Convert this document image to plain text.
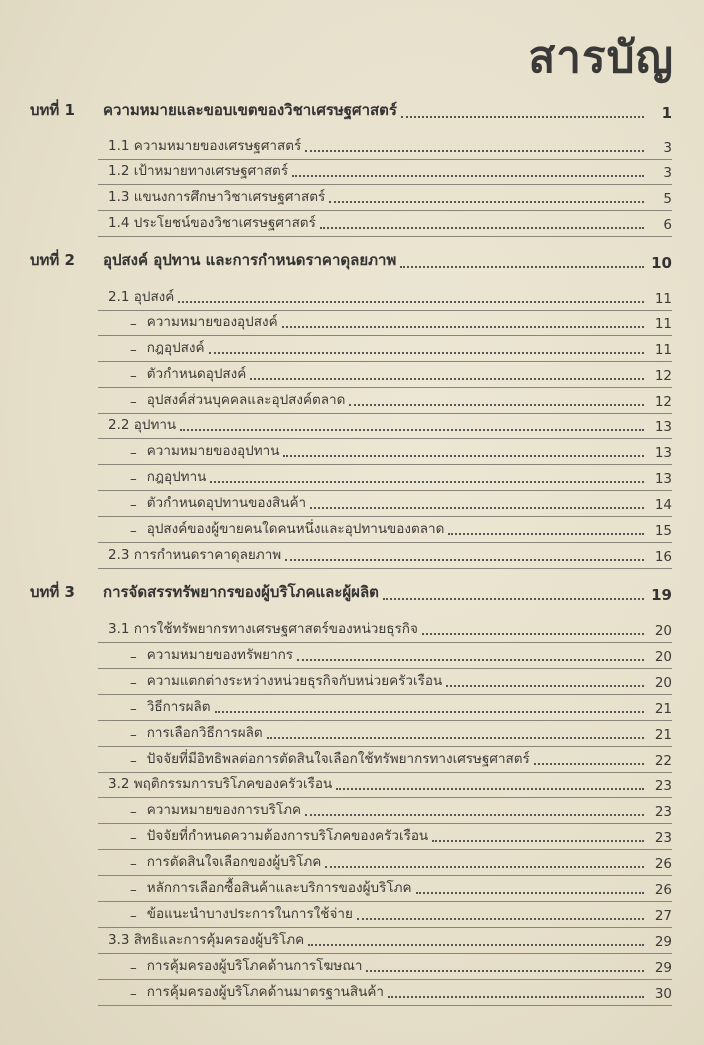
สารบัญ
บทที่ 1 ความหมายและขอบเขตของวิชาเศรษฐศาสตร์	1
1.1 ความหมายของเศรษฐศาสตร์	3
1.2 เป้าหมายทางเศรษฐศาสตร์	3
1.3 แขนงการศึกษาวิชาเศรษฐศาสตร์	5
1.4 ประโยชน์ของวิชาเศรษฐศาสตร์	6
บทที่ 2 อุปสงค์ อุปทาน และการกำหนดราคาดุลยภาพ	10
2.1 อุปสงค์	11
– ความหมายของอุปสงค์	11
– กฎอุปสงค์	11
– ตัวกำหนดอุปสงค์	12
– อุปสงค์ส่วนบุคคลและอุปสงค์ตลาด	12
2.2 อุปทาน	13
– ความหมายของอุปทาน	13
– กฎอุปทาน	13
– ตัวกำหนดอุปทานของสินค้า	14
– อุปสงค์ของผู้ขายคนใดคนหนึ่งและอุปทานของตลาด	15
2.3 การกำหนดราคาดุลยภาพ	16
บทที่ 3 การจัดสรรทรัพยากรของผู้บริโภคและผู้ผลิต	19
3.1 การใช้ทรัพยากรทางเศรษฐศาสตร์ของหน่วยธุรกิจ	20
– ความหมายของทรัพยากร	20
– ความแตกต่างระหว่างหน่วยธุรกิจกับหน่วยครัวเรือน	20
– วิธีการผลิต	21
– การเลือกวิธีการผลิต	21
– ปัจจัยที่มีอิทธิพลต่อการตัดสินใจเลือกใช้ทรัพยากรทางเศรษฐศาสตร์	22
3.2 พฤติกรรมการบริโภคของครัวเรือน	23
– ความหมายของการบริโภค	23
– ปัจจัยที่กำหนดความต้องการบริโภคของครัวเรือน	23
– การตัดสินใจเลือกของผู้บริโภค	26
– หลักการเลือกซื้อสินค้าและบริการของผู้บริโภค	26
– ข้อแนะนำบางประการในการใช้จ่าย	27
3.3 สิทธิและการคุ้มครองผู้บริโภค	29
– การคุ้มครองผู้บริโภคด้านการโฆษณา	29
– การคุ้มครองผู้บริโภคด้านมาตรฐานสินค้า	30
